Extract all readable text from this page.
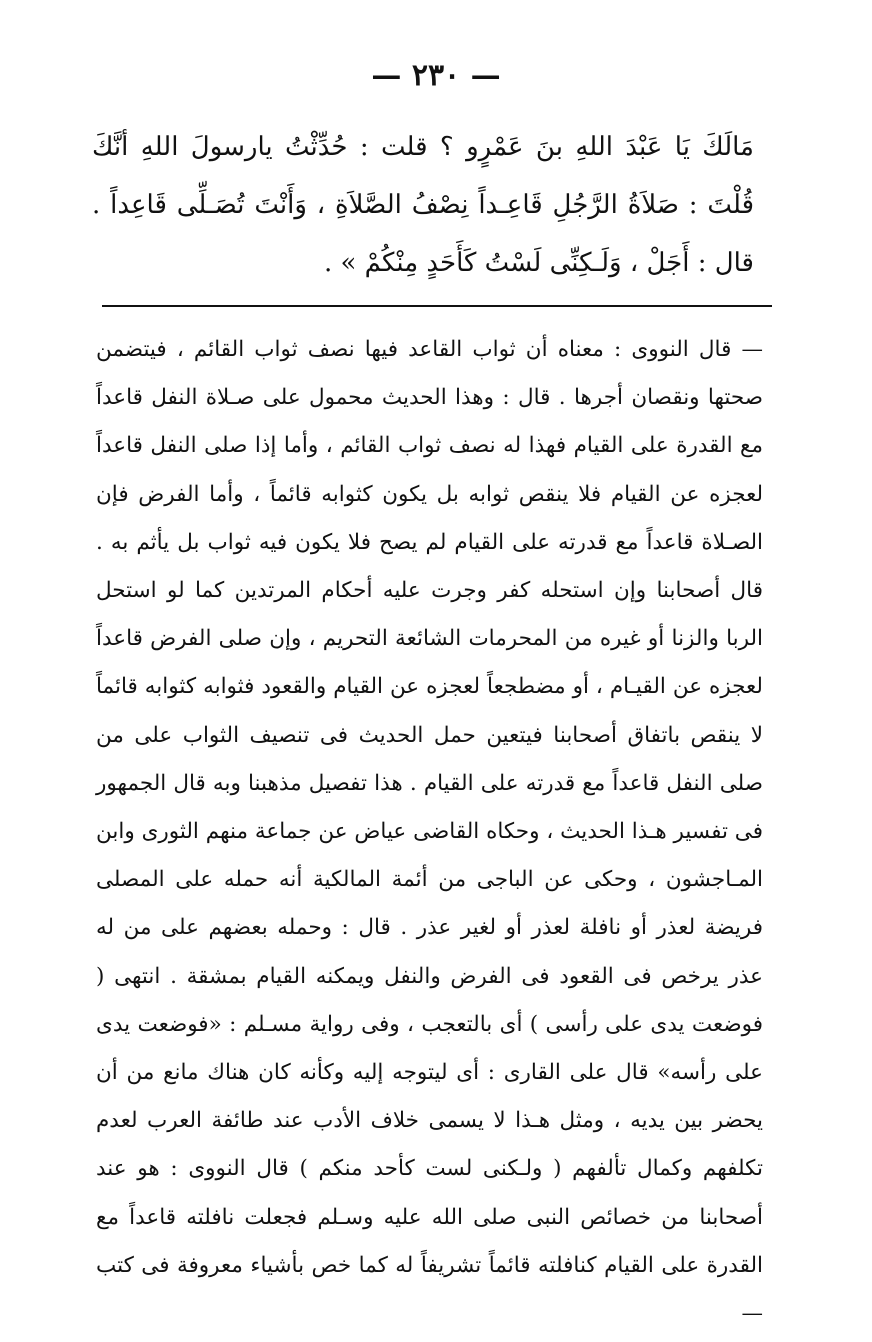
— ٢٣٠ —
مَالَكَ يَا عَبْدَ اللهِ بنَ عَمْرٍو ؟ قلت : حُدِّثْتُ يارسولَ اللهِ أنَّكَ قُلْتَ : صَلاَةُ الرَّجُلِ قَاعِـداً نِصْفُ الصَّلاَةِ ، وَأَنْتَ تُصَـلِّى قَاعِداً . قال : أَجَلْ ، وَلَـكِنِّى لَسْتُ كَأَحَدٍ مِنْكُمْ » .
— قال النووى : معناه أن ثواب القاعد فيها نصف ثواب القائم ، فيتضمن صحتها ونقصان أجرها . قال : وهذا الحديث محمول على صـلاة النفل قاعداً مع القدرة على القيام فهذا له نصف ثواب القائم ، وأما إذا صلى النفل قاعداً لعجزه عن القيام فلا ينقص ثوابه بل يكون كثوابه قائماً ، وأما الفرض فإن الصـلاة قاعداً مع قدرته على القيام لم يصح فلا يكون فيه ثواب بل يأثم به . قال أصحابنا وإن استحله كفر وجرت عليه أحكام المرتدين كما لو استحل الربا والزنا أو غيره من المحرمات الشائعة التحريم ، وإن صلى الفرض قاعداً لعجزه عن القيـام ، أو مضطجعاً لعجزه عن القيام والقعود فثوابه كثوابه قائماً لا ينقص باتفاق أصحابنا فيتعين حمل الحديث فى تنصيف الثواب على من صلى النفل قاعداً مع قدرته على القيام . هذا تفصيل مذهبنا وبه قال الجمهور فى تفسير هـذا الحديث ، وحكاه القاضى عياض عن جماعة منهم الثورى وابن المـاجشون ، وحكى عن الباجى من أئمة المالكية أنه حمله على المصلى فريضة لعذر أو نافلة لعذر أو لغير عذر . قال : وحمله بعضهم على من له عذر يرخص فى القعود فى الفرض والنفل ويمكنه القيام بمشقة . انتهى ( فوضعت يدى على رأسى ) أى بالتعجب ، وفى رواية مسـلم : «فوضعت يدى على رأسه» قال على القارى : أى ليتوجه إليه وكأنه كان هناك مانع من أن يحضر بين يديه ، ومثل هـذا لا يسمى خلاف الأدب عند طائفة العرب لعدم تكلفهم وكمال تألفهم ( ولـكنى لست كأحد منكم ) قال النووى : هو عند أصحابنا من خصائص النبى صلى الله عليه وسـلم فجعلت نافلته قاعداً مع القدرة على القيام كنافلته قائماً تشريفاً له كما خص بأشياء معروفة فى كتب —
